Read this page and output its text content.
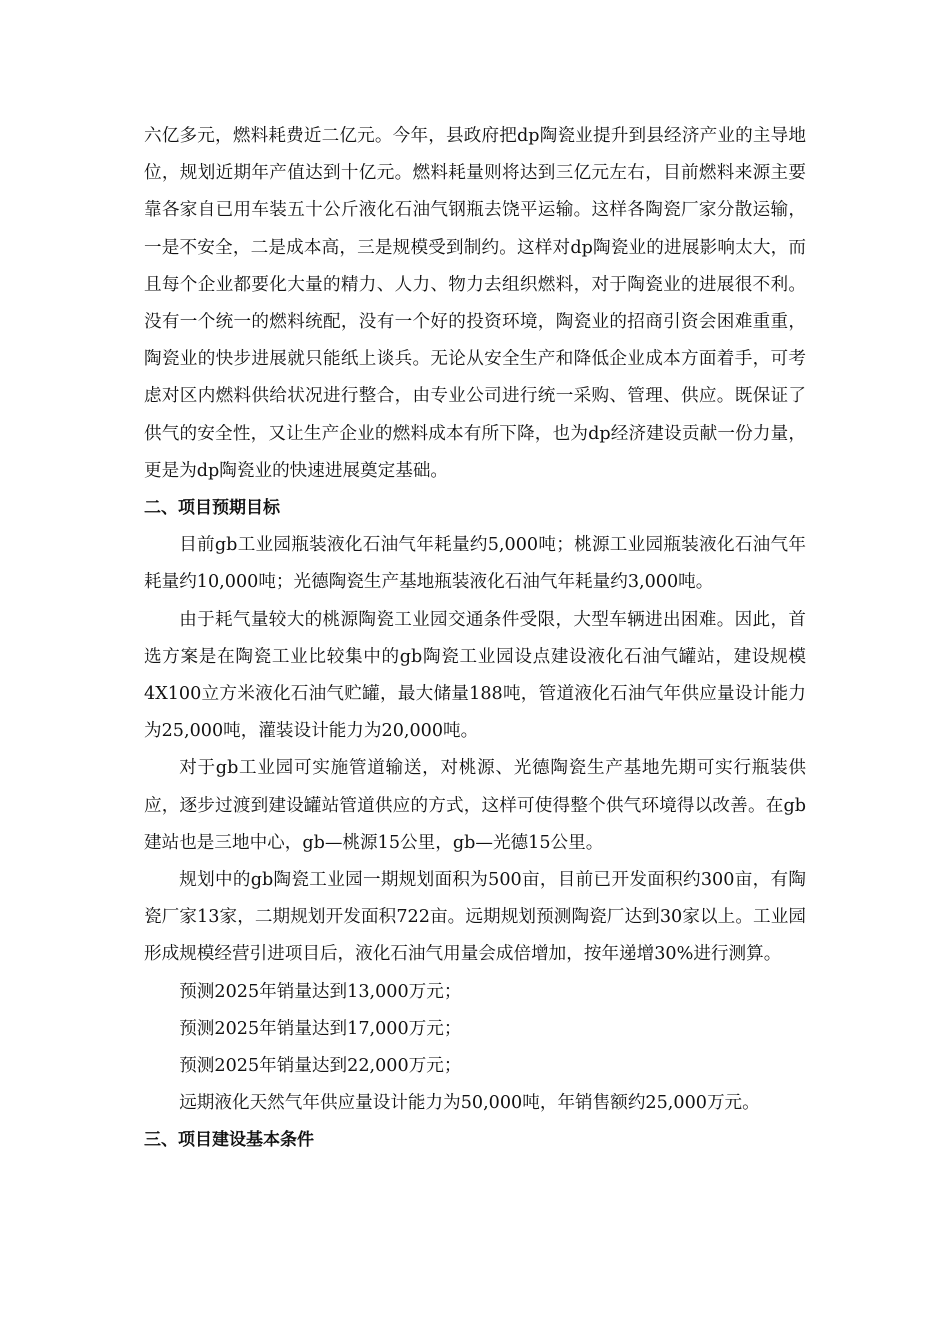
六亿多元，燃料耗费近二亿元。今年，县政府把dp陶瓷业提升到县经济产业的主导地位，规划近期年产值达到十亿元。燃料耗量则将达到三亿元左右，目前燃料来源主要靠各家自已用车装五十公斤液化石油气钢瓶去饶平运输。这样各陶瓷厂家分散运输，一是不安全，二是成本高，三是规模受到制约。这样对dp陶瓷业的进展影响太大，而且每个企业都要化大量的精力、人力、物力去组织燃料，对于陶瓷业的进展很不利。没有一个统一的燃料统配，没有一个好的投资环境，陶瓷业的招商引资会困难重重，陶瓷业的快步进展就只能纸上谈兵。无论从安全生产和降低企业成本方面着手，可考虑对区内燃料供给状况进行整合，由专业公司进行统一采购、管理、供应。既保证了供气的安全性，又让生产企业的燃料成本有所下降，也为dp经济建设贡献一份力量，更是为dp陶瓷业的快速进展奠定基础。

二、项目预期目标

目前gb工业园瓶装液化石油气年耗量约5,000吨；桃源工业园瓶装液化石油气年耗量约10,000吨；光德陶瓷生产基地瓶装液化石油气年耗量约3,000吨。

由于耗气量较大的桃源陶瓷工业园交通条件受限，大型车辆进出困难。因此，首选方案是在陶瓷工业比较集中的gb陶瓷工业园设点建设液化石油气罐站，建设规模4X100立方米液化石油气贮罐，最大储量188吨，管道液化石油气年供应量设计能力为25,000吨，灌装设计能力为20,000吨。

对于gb工业园可实施管道输送，对桃源、光德陶瓷生产基地先期可实行瓶装供应，逐步过渡到建设罐站管道供应的方式，这样可使得整个供气环境得以改善。在gb建站也是三地中心，gb—桃源15公里，gb—光德15公里。

规划中的gb陶瓷工业园一期规划面积为500亩，目前已开发面积约300亩，有陶瓷厂家13家，二期规划开发面积722亩。远期规划预测陶瓷厂达到30家以上。工业园形成规模经营引进项目后，液化石油气用量会成倍增加，按年递增30%进行测算。

预测2025年销量达到13,000万元；

预测2025年销量达到17,000万元；

预测2025年销量达到22,000万元；

远期液化天然气年供应量设计能力为50,000吨，年销售额约25,000万元。

三、项目建设基本条件
